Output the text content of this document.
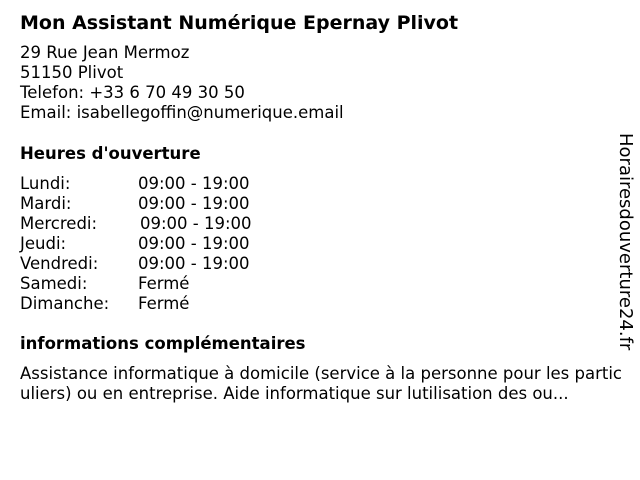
Mon Assistant Numérique Epernay Plivot
29 Rue Jean Mermoz
51150 Plivot
Telefon: +33 6 70 49 30 50
Email: isabellegoffin@numerique.email
Heures d'ouverture
Lundi:	09:00 - 19:00
Mardi:	09:00 - 19:00
Mercredi:	09:00 - 19:00
Jeudi:	09:00 - 19:00
Vendredi: 09:00 - 19:00
Samedi:	Fermé
Dimanche: Fermé
informations complémentaires
Assistance informatique à domicile (service à la personne pour les particuliers) ou en entreprise. Aide informatique sur lutilisation des ou...
Horairesdouverture24.fr
